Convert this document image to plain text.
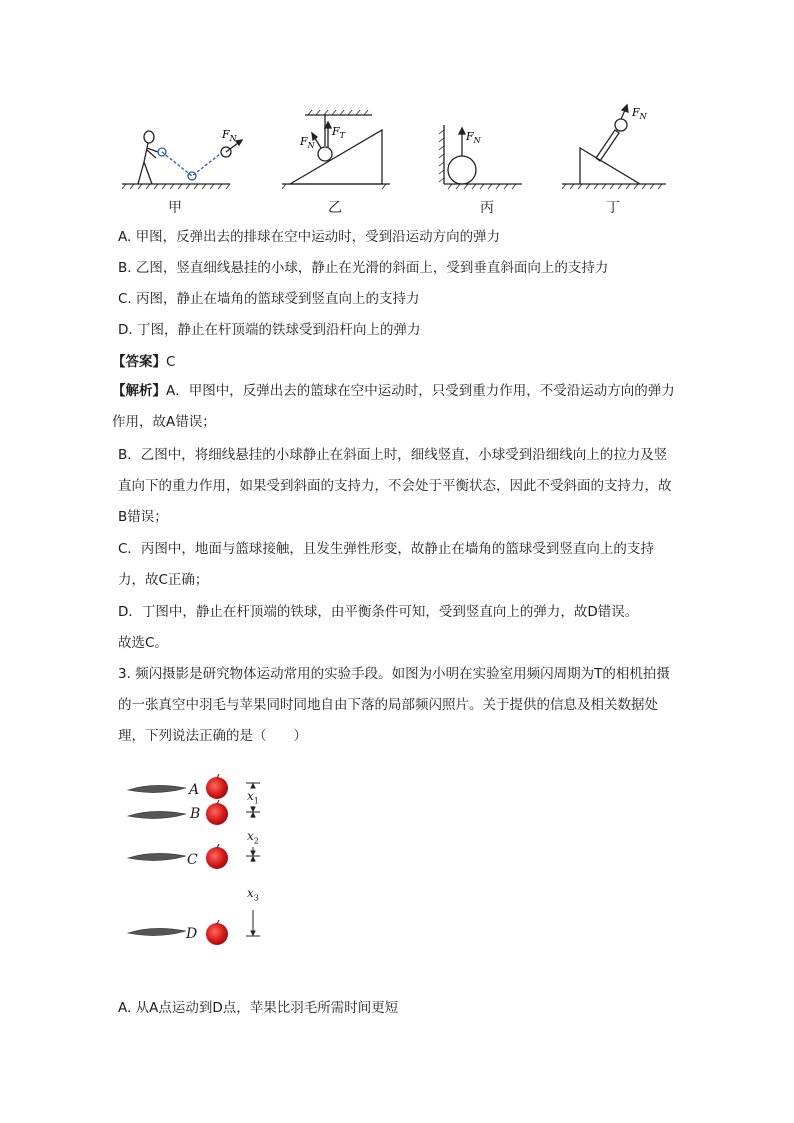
$F_N$	$F_N$
$F_T$	$F_N$
$F_N$
甲	乙	丙	丁
A. 甲图，反弹出去的排球在空中运动时，受到沿运动方向的弹力
B. 乙图，竖直细线悬挂的小球，静止在光滑的斜面上，受到垂直斜面向上的支持力
C. 丙图，静止在墙角的篮球受到竖直向上的支持力
D. 丁图，静止在杆顶端的铁球受到沿杆向上的弹力
【答案】C
【解析】A．甲图中，反弹出去的篮球在空中运动时，只受到重力作用，不受沿运动方向的弹力作用，故A错误；
B．乙图中，将细线悬挂的小球静止在斜面上时，细线竖直，小球受到沿细线向上的拉力及竖直向下的重力作用，如果受到斜面的支持力，不会处于平衡状态，因此不受斜面的支持力，故B错误；
C．丙图中，地面与篮球接触，且发生弹性形变，故静止在墙角的篮球受到竖直向上的支持力，故C正确；
D．丁图中，静止在杆顶端的铁球，由平衡条件可知，受到竖直向上的弹力，故D错误。
故选C。
3. 频闪摄影是研究物体运动常用的实验手段。如图为小明在实验室用频闪周期为T的相机拍摄的一张真空中羽毛与苹果同时同地自由下落的局部频闪照片。关于提供的信息及相关数据处理，下列说法正确的是（　　）
A
B
C
D
$x_1$
$x_2$
$x_3$
A. 从A点运动到D点，苹果比羽毛所需时间更短
